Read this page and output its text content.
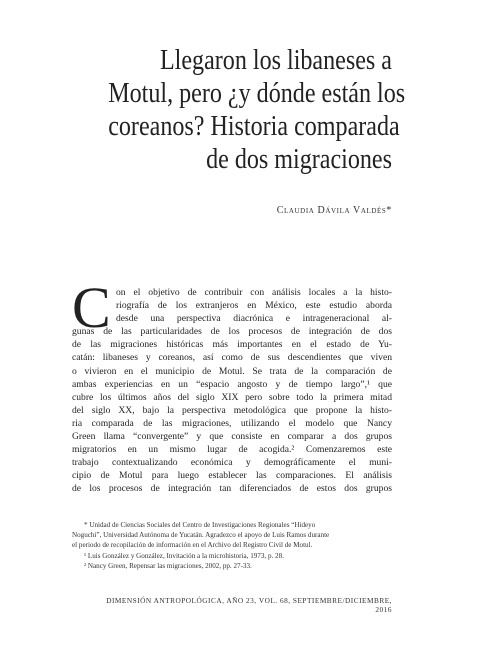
Llegaron los libaneses a
Motul, pero ¿y dónde están los
coreanos? Historia comparada
de dos migraciones
Claudia Dávila Valdés*
C on el objetivo de contribuir con análisis locales a la histo-
riografía de los extranjeros en México, este estudio aborda
desde una perspectiva diacrónica e intrageneracional al-
gunas de las particularidades de los procesos de integración de dos
de las migraciones históricas más importantes en el estado de Yu-
catán: libaneses y coreanos, así como de sus descendientes que viven
o vivieron en el municipio de Motul. Se trata de la comparación de
ambas experiencias en un “espacio angosto y de tiempo largo”,¹ que
cubre los últimos años del siglo XIX pero sobre todo la primera mitad
del siglo XX, bajo la perspectiva metodológica que propone la histo-
ria comparada de las migraciones, utilizando el modelo que Nancy
Green llama “convergente” y que consiste en comparar a dos grupos
migratorios en un mismo lugar de acogida.² Comenzaremos este
trabajo contextualizando económica y demográficamente el muni-
cipio de Motul para luego establecer las comparaciones. El análisis
de los procesos de integración tan diferenciados de estos dos grupos
* Unidad de Ciencias Sociales del Centro de Investigaciones Regionales “Hideyo
Noguchi”, Universidad Autónoma de Yucatán. Agradezco el apoyo de Luis Ramos durante
el periodo de recopilación de información en el Archivo del Registro Civil de Motul.
¹ Luis González y González, Invitación a la microhistoria, 1973, p. 28.
² Nancy Green, Repensar las migraciones, 2002, pp. 27-33.
DIMENSIÓN ANTROPOLÓGICA, AÑO 23, VOL. 68, SEPTIEMBRE/DICIEMBRE, 2016
